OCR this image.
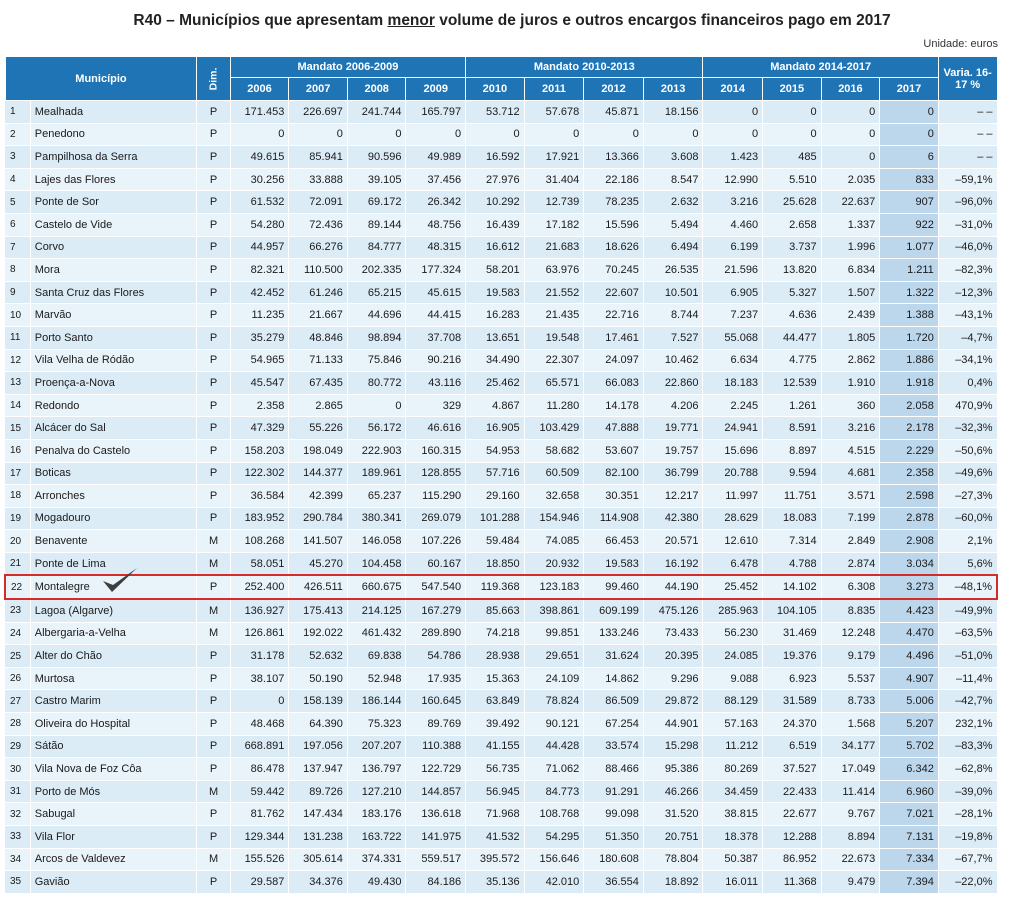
R40 – Municípios que apresentam menor volume de juros e outros encargos financeiros pago em 2017
Unidade: euros
Município		Dim.	Mandato 2006-2009				Mandato 2010-2013				Mandato 2014-2017				Varia. 16-17 %
			2006	2007	2008	2009	2010	2011	2012	2013	2014	2015	2016	2017	
1	Mealhada	P	171.453	226.697	241.744	165.797	53.712	57.678	45.871	18.156	0	0	0	0	– –
2	Penedono	P	0	0	0	0	0	0	0	0	0	0	0	0	– –
3	Pampilhosa da Serra	P	49.615	85.941	90.596	49.989	16.592	17.921	13.366	3.608	1.423	485	0	6	– –
4	Lajes das Flores	P	30.256	33.888	39.105	37.456	27.976	31.404	22.186	8.547	12.990	5.510	2.035	833	–59,1%
5	Ponte de Sor	P	61.532	72.091	69.172	26.342	10.292	12.739	78.235	2.632	3.216	25.628	22.637	907	–96,0%
6	Castelo de Vide	P	54.280	72.436	89.144	48.756	16.439	17.182	15.596	5.494	4.460	2.658	1.337	922	–31,0%
7	Corvo	P	44.957	66.276	84.777	48.315	16.612	21.683	18.626	6.494	6.199	3.737	1.996	1.077	–46,0%
8	Mora	P	82.321	110.500	202.335	177.324	58.201	63.976	70.245	26.535	21.596	13.820	6.834	1.211	–82,3%
9	Santa Cruz das Flores	P	42.452	61.246	65.215	45.615	19.583	21.552	22.607	10.501	6.905	5.327	1.507	1.322	–12,3%
10	Marvão	P	11.235	21.667	44.696	44.415	16.283	21.435	22.716	8.744	7.237	4.636	2.439	1.388	–43,1%
11	Porto Santo	P	35.279	48.846	98.894	37.708	13.651	19.548	17.461	7.527	55.068	44.477	1.805	1.720	–4,7%
12	Vila Velha de Ródão	P	54.965	71.133	75.846	90.216	34.490	22.307	24.097	10.462	6.634	4.775	2.862	1.886	–34,1%
13	Proença-a-Nova	P	45.547	67.435	80.772	43.116	25.462	65.571	66.083	22.860	18.183	12.539	1.910	1.918	0,4%
14	Redondo	P	2.358	2.865	0	329	4.867	11.280	14.178	4.206	2.245	1.261	360	2.058	470,9%
15	Alcácer do Sal	P	47.329	55.226	56.172	46.616	16.905	103.429	47.888	19.771	24.941	8.591	3.216	2.178	–32,3%
16	Penalva do Castelo	P	158.203	198.049	222.903	160.315	54.953	58.682	53.607	19.757	15.696	8.897	4.515	2.229	–50,6%
17	Boticas	P	122.302	144.377	189.961	128.855	57.716	60.509	82.100	36.799	20.788	9.594	4.681	2.358	–49,6%
18	Arronches	P	36.584	42.399	65.237	115.290	29.160	32.658	30.351	12.217	11.997	11.751	3.571	2.598	–27,3%
19	Mogadouro	P	183.952	290.784	380.341	269.079	101.288	154.946	114.908	42.380	28.629	18.083	7.199	2.878	–60,0%
20	Benavente	M	108.268	141.507	146.058	107.226	59.484	74.085	66.453	20.571	12.610	7.314	2.849	2.908	2,1%
21	Ponte de Lima	M	58.051	45.270	104.458	60.167	18.850	20.932	19.583	16.192	6.478	4.788	2.874	3.034	5,6%
22	Montalegre	P	252.400	426.511	660.675	547.540	119.368	123.183	99.460	44.190	25.452	14.102	6.308	3.273	–48,1%
23	Lagoa (Algarve)	M	136.927	175.413	214.125	167.279	85.663	398.861	609.199	475.126	285.963	104.105	8.835	4.423	–49,9%
24	Albergaria-a-Velha	M	126.861	192.022	461.432	289.890	74.218	99.851	133.246	73.433	56.230	31.469	12.248	4.470	–63,5%
25	Alter do Chão	P	31.178	52.632	69.838	54.786	28.938	29.651	31.624	20.395	24.085	19.376	9.179	4.496	–51,0%
26	Murtosa	P	38.107	50.190	52.948	17.935	15.363	24.109	14.862	9.296	9.088	6.923	5.537	4.907	–11,4%
27	Castro Marim	P	0	158.139	186.144	160.645	63.849	78.824	86.509	29.872	88.129	31.589	8.733	5.006	–42,7%
28	Oliveira do Hospital	P	48.468	64.390	75.323	89.769	39.492	90.121	67.254	44.901	57.163	24.370	1.568	5.207	232,1%
29	Sátão	P	668.891	197.056	207.207	110.388	41.155	44.428	33.574	15.298	11.212	6.519	34.177	5.702	–83,3%
30	Vila Nova de Foz Côa	P	86.478	137.947	136.797	122.729	56.735	71.062	88.466	95.386	80.269	37.527	17.049	6.342	–62,8%
31	Porto de Mós	M	59.442	89.726	127.210	144.857	56.945	84.773	91.291	46.266	34.459	22.433	11.414	6.960	–39,0%
32	Sabugal	P	81.762	147.434	183.176	136.618	71.968	108.768	99.098	31.520	38.815	22.677	9.767	7.021	–28,1%
33	Vila Flor	P	129.344	131.238	163.722	141.975	41.532	54.295	51.350	20.751	18.378	12.288	8.894	7.131	–19,8%
34	Arcos de Valdevez	M	155.526	305.614	374.331	559.517	395.572	156.646	180.608	78.804	50.387	86.952	22.673	7.334	–67,7%
35	Gavião	P	29.587	34.376	49.430	84.186	35.136	42.010	36.554	18.892	16.011	11.368	9.479	7.394	–22,0%
